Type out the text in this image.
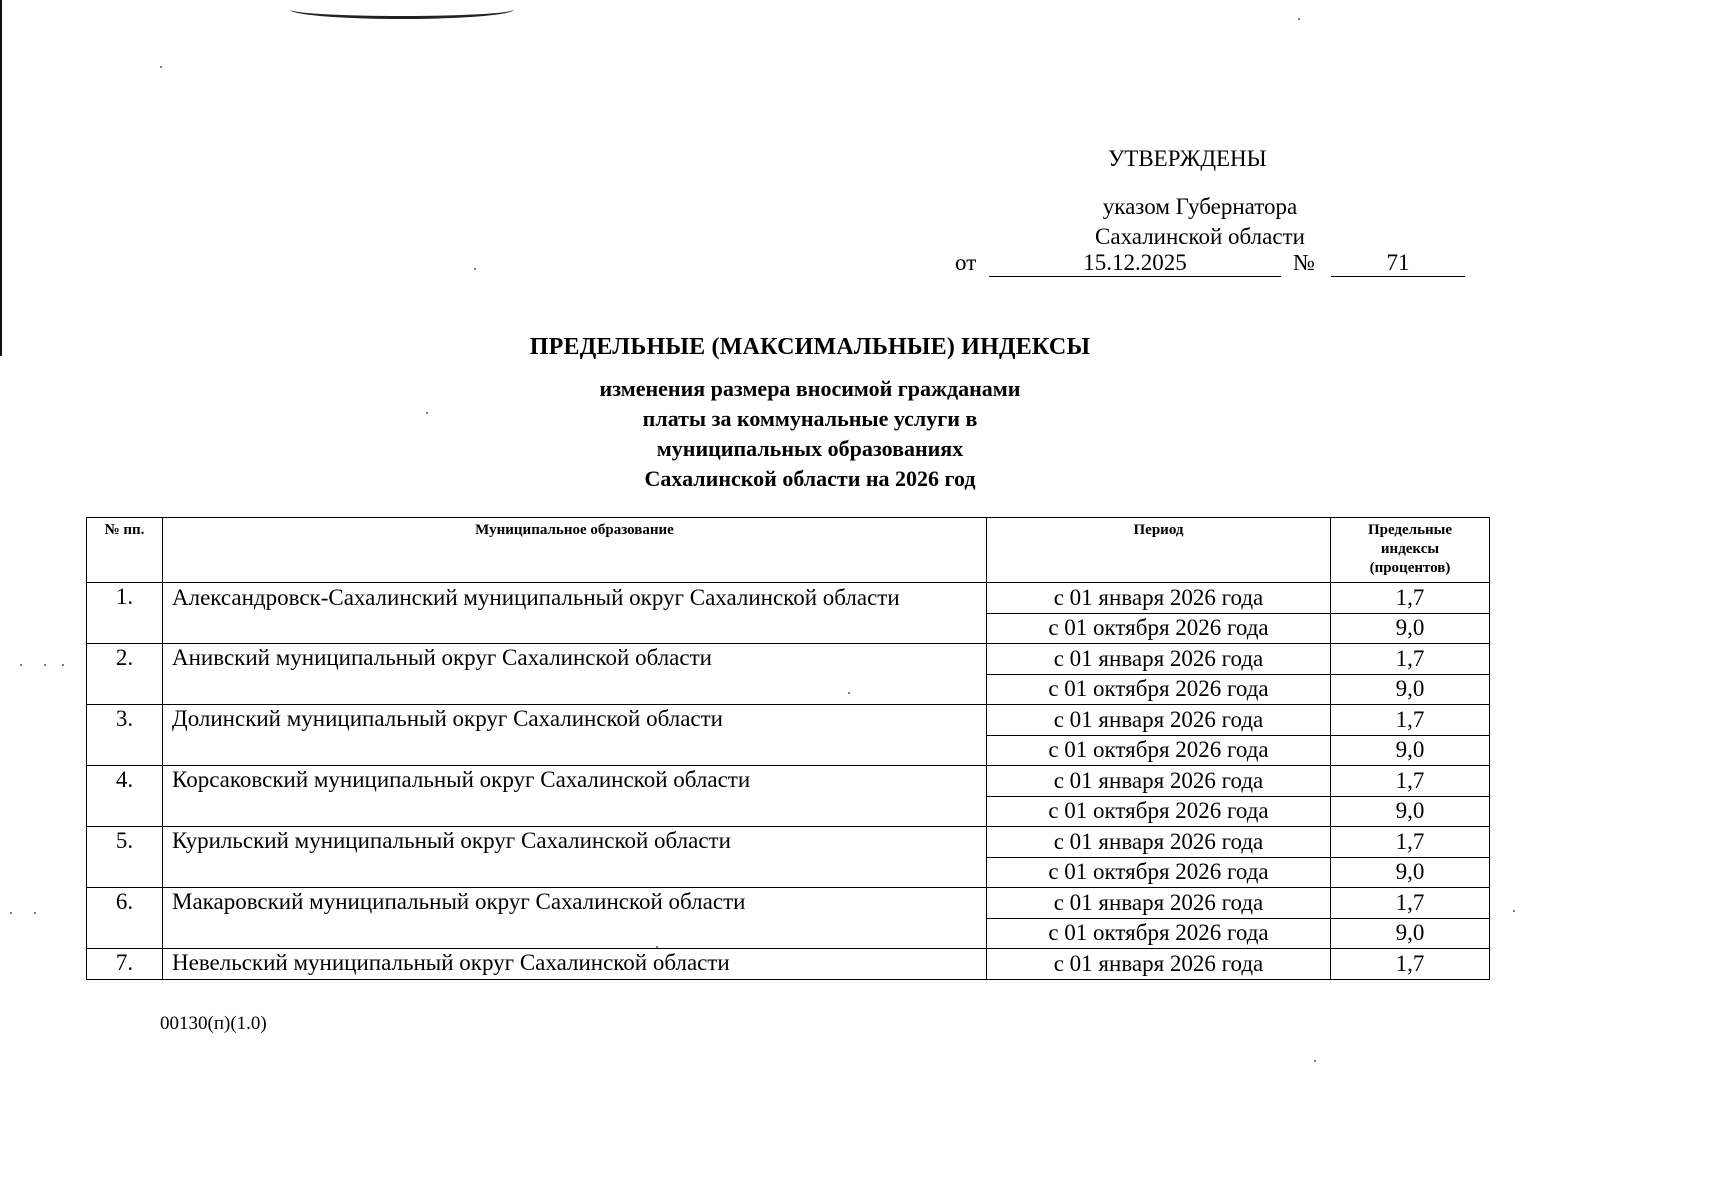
УТВЕРЖДЕНЫ
указом Губернатора
Сахалинской области
от	15.12.2025	№	71
ПРЕДЕЛЬНЫЕ (МАКСИМАЛЬНЫЕ) ИНДЕКСЫ
изменения размера вносимой гражданами
платы за коммунальные услуги в
муниципальных образованиях
Сахалинской области на 2026 год
№ пп.	Муниципальное образование	Период	Предельные
индексы
(процентов)

1.	Александровск-Сахалинский муниципальный округ Сахалинской области	с 01 января 2026 года	1,7
		с 01 октября 2026 года	9,0
2.	Анивский муниципальный округ Сахалинской области	с 01 января 2026 года	1,7
		с 01 октября 2026 года	9,0
3.	Долинский муниципальный округ Сахалинской области	с 01 января 2026 года	1,7
		с 01 октября 2026 года	9,0
4.	Корсаковский муниципальный округ Сахалинской области	с 01 января 2026 года	1,7
		с 01 октября 2026 года	9,0
5.	Курильский муниципальный округ Сахалинской области	с 01 января 2026 года	1,7
		с 01 октября 2026 года	9,0
6.	Макаровский муниципальный округ Сахалинской области	с 01 января 2026 года	1,7
		с 01 октября 2026 года	9,0
7.	Невельский муниципальный округ Сахалинской области	с 01 января 2026 года	1,7
00130(п)(1.0)
